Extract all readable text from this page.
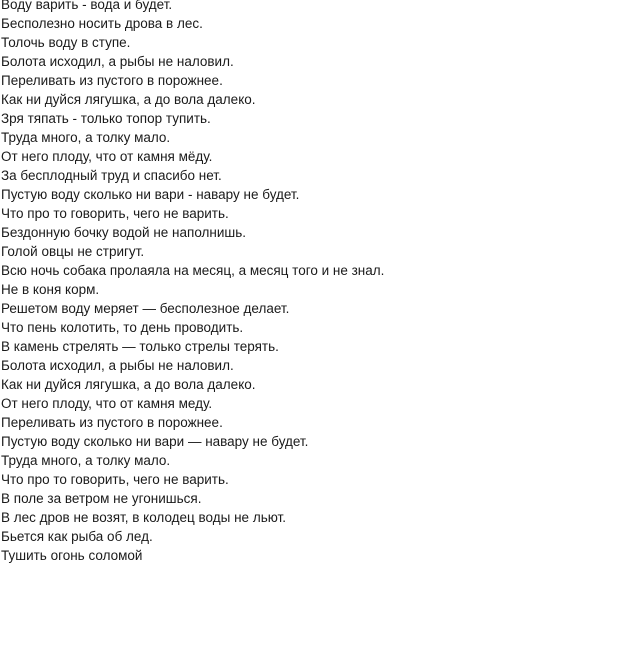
Воду варить - вода и будет.
Бесполезно носить дрова в лес.
Толочь воду в ступе.
Болота исходил, а рыбы не наловил.
Переливать из пустого в порожнее.
Как ни дуйся лягушка, а до вола далеко.
Зря тяпать - только топор тупить.
Труда много, а толку мало.
От него плоду, что от камня мёду.
За бесплодный труд и спасибо нет.
Пустую воду сколько ни вари - навару не будет.
Что про то говорить, чего не варить.
Бездонную бочку водой не наполнишь.
Голой овцы не стригут.
Всю ночь собака пролаяла на месяц, а месяц того и не знал.
Не в коня корм.
Решетом воду меряет — бесполезное делает.
Что пень колотить, то день проводить.
В камень стрелять — только стрелы терять.
Болота исходил, а рыбы не наловил.
Как ни дуйся лягушка, а до вола далеко.
От него плоду, что от камня меду.
Переливать из пустого в порожнее.
Пустую воду сколько ни вари — навару не будет.
Труда много, а толку мало.
Что про то говорить, чего не варить.
В поле за ветром не угонишься.
В лес дров не возят, в колодец воды не льют.
Бьется как рыба об лед.
Тушить огонь соломой
